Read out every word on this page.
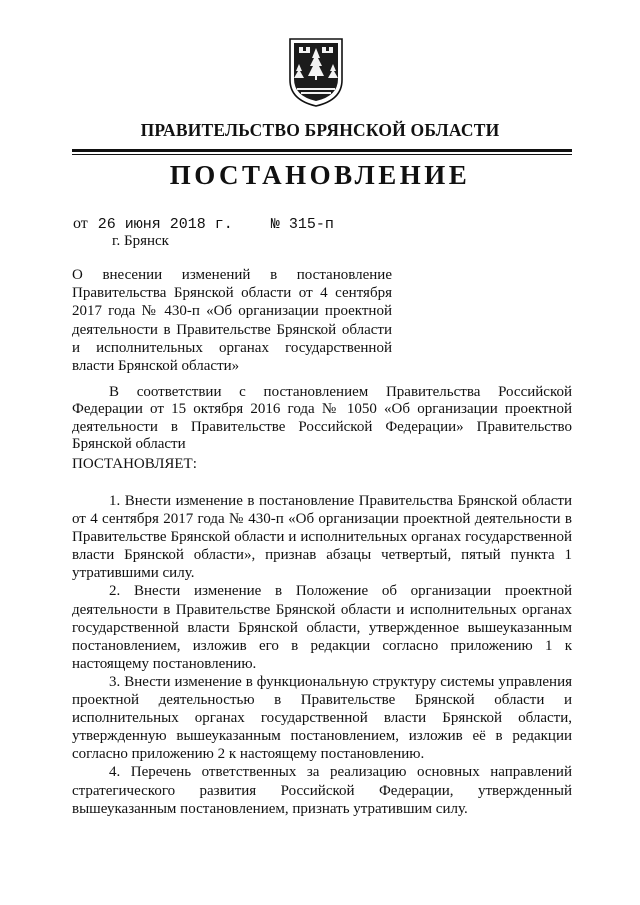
ПРАВИТЕЛЬСТВО БРЯНСКОЙ ОБЛАСТИ
ПОСТАНОВЛЕНИЕ
от 26 июня 2018 г.	№ 315-п
г. Брянск

О внесении изменений в постановление Правительства Брянской области от 4 сентября 2017 года № 430-п «Об организации проектной деятельности в Правительстве Брянской области и исполнительных органах государственной власти Брянской области»

В соответствии с постановлением Правительства Российской Федерации от 15 октября 2016 года № 1050 «Об организации проектной деятельности в Правительстве Российской Федерации» Правительство Брянской области

ПОСТАНОВЛЯЕТ:

1. Внести изменение в постановление Правительства Брянской области от 4 сентября 2017 года № 430-п «Об организации проектной деятельности в Правительстве Брянской области и исполнительных органах государственной власти Брянской области», признав абзацы четвертый, пятый пункта 1 утратившими силу.

2. Внести изменение в Положение об организации проектной деятельности в Правительстве Брянской области и исполнительных органах государственной власти Брянской области, утвержденное вышеуказанным постановлением, изложив его в редакции согласно приложению 1 к настоящему постановлению.

3. Внести изменение в функциональную структуру системы управления проектной деятельностью в Правительстве Брянской области и исполнительных органах государственной власти Брянской области, утвержденную вышеуказанным постановлением, изложив её в редакции согласно приложению 2 к настоящему постановлению.

4. Перечень ответственных за реализацию основных направлений стратегического развития Российской Федерации, утвержденный вышеуказанным постановлением, признать утратившим силу.
